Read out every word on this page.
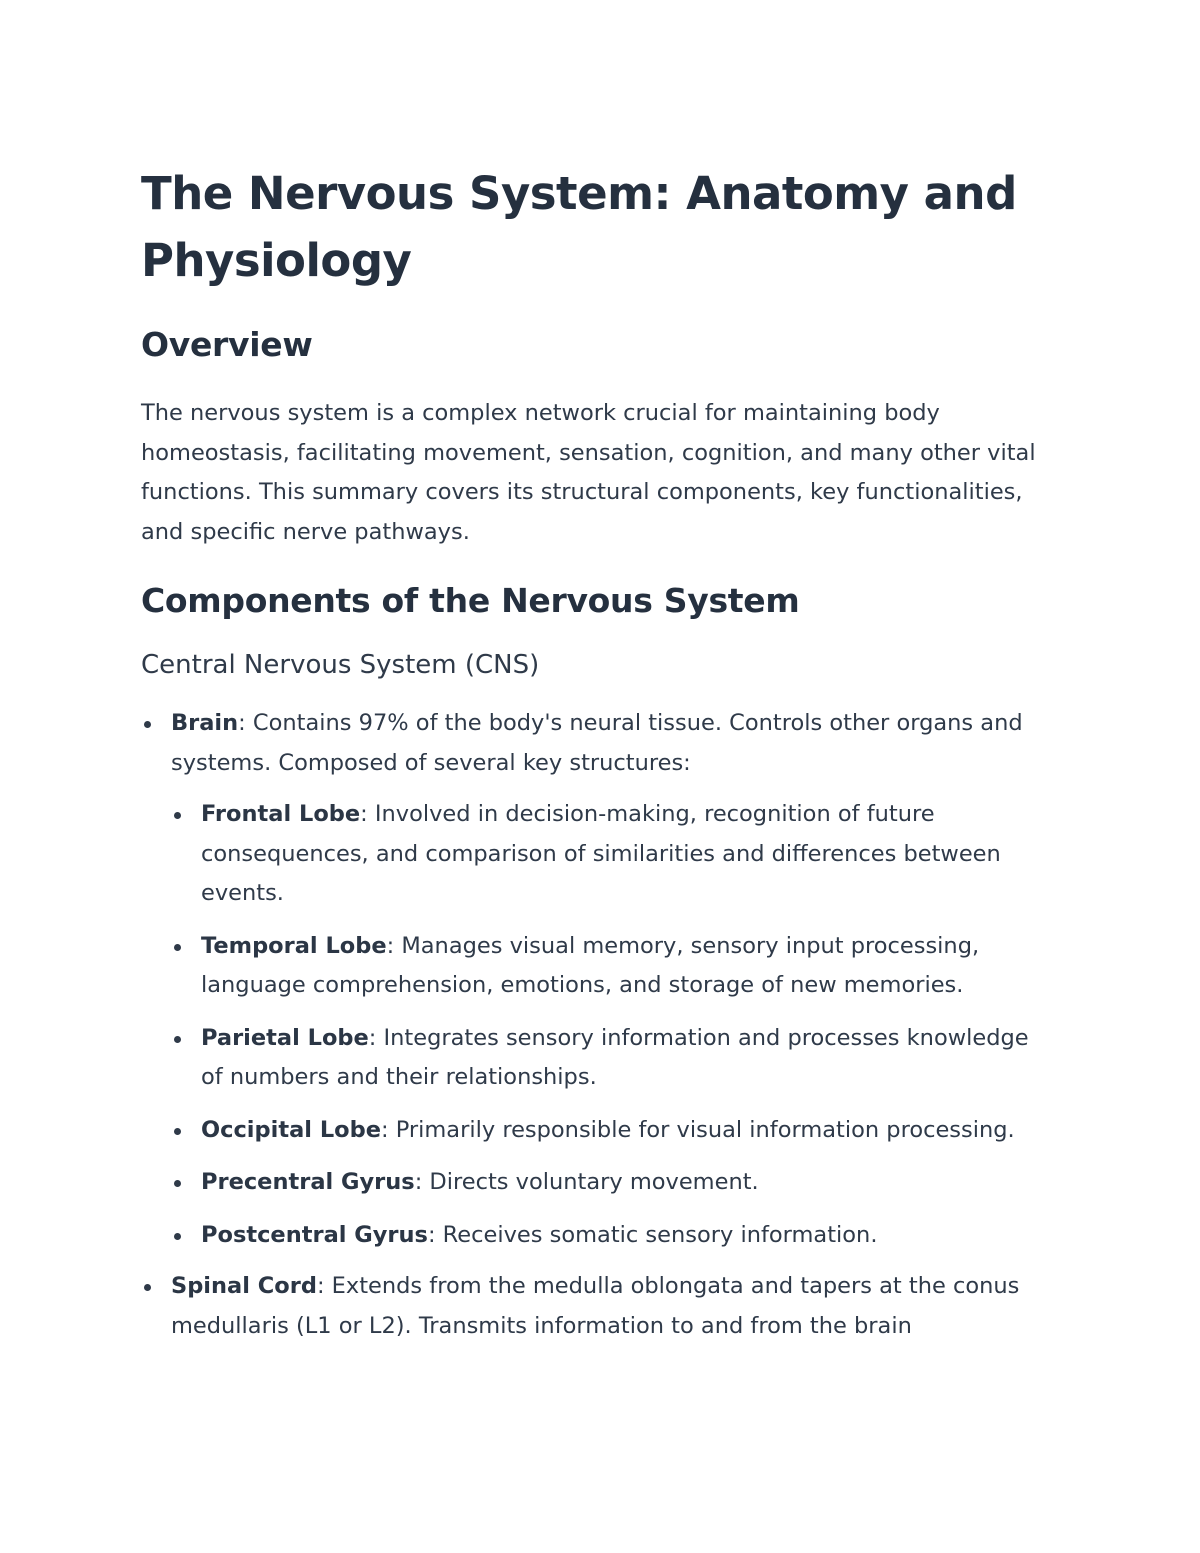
The Nervous System: Anatomy and Physiology
Overview

The nervous system is a complex network crucial for maintaining body homeostasis, facilitating movement, sensation, cognition, and many other vital functions. This summary covers its structural components, key functionalities, and specific nerve pathways.

Components of the Nervous System
Central Nervous System (CNS)
Brain: Contains 97% of the body's neural tissue. Controls other organs and systems. Composed of several key structures:
Frontal Lobe: Involved in decision-making, recognition of future consequences, and comparison of similarities and differences between events.
Temporal Lobe: Manages visual memory, sensory input processing, language comprehension, emotions, and storage of new memories.
Parietal Lobe: Integrates sensory information and processes knowledge of numbers and their relationships.
Occipital Lobe: Primarily responsible for visual information processing.
Precentral Gyrus: Directs voluntary movement.
Postcentral Gyrus: Receives somatic sensory information.
Spinal Cord: Extends from the medulla oblongata and tapers at the conus medullaris (L1 or L2). Transmits information to and from the brain
